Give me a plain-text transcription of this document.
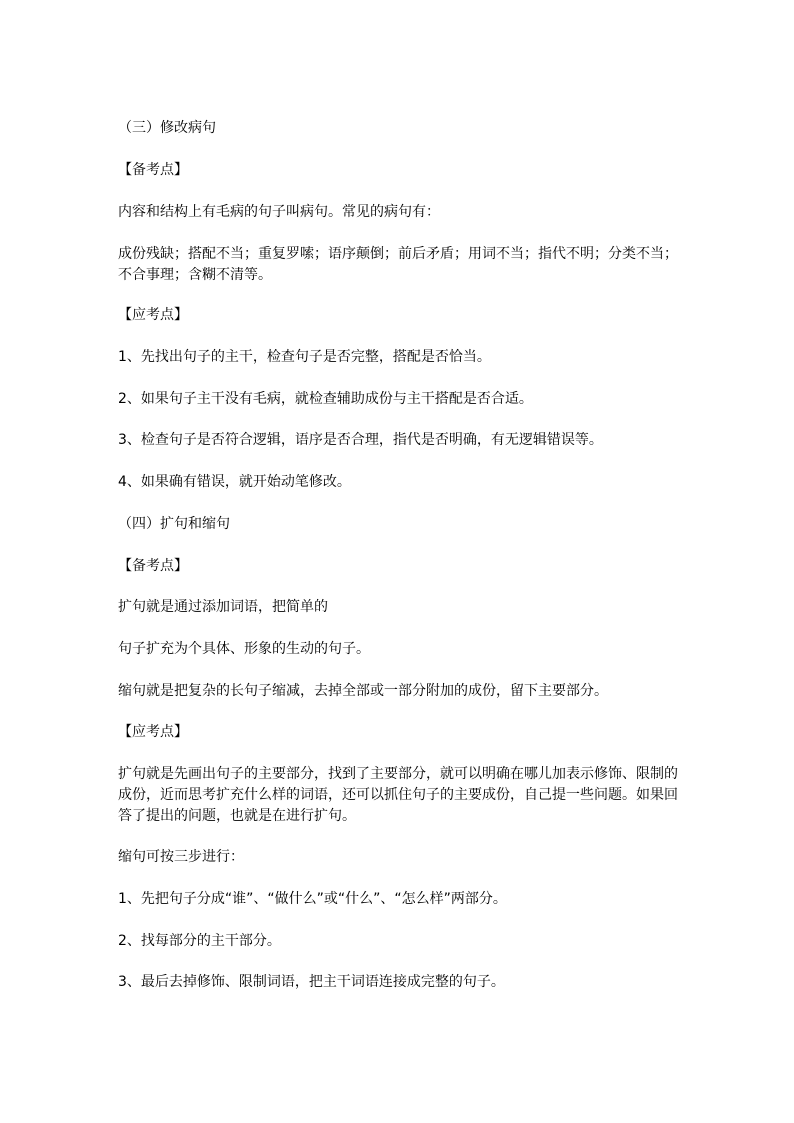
（三）修改病句
【备考点】
内容和结构上有毛病的句子叫病句。常见的病句有：
成份残缺；搭配不当；重复罗嗦；语序颠倒；前后矛盾；用词不当；指代不明；分类不当；
不合事理；含糊不清等。
【应考点】
1、先找出句子的主干，检查句子是否完整，搭配是否恰当。
2、如果句子主干没有毛病，就检查辅助成份与主干搭配是否合适。
3、检查句子是否符合逻辑，语序是否合理，指代是否明确，有无逻辑错误等。
4、如果确有错误，就开始动笔修改。
（四）扩句和缩句
【备考点】
扩句就是通过添加词语，把简单的
句子扩充为个具体、形象的生动的句子。
缩句就是把复杂的长句子缩减，去掉全部或一部分附加的成份，留下主要部分。
【应考点】
扩句就是先画出句子的主要部分，找到了主要部分，就可以明确在哪儿加表示修饰、限制的
成份，近而思考扩充什么样的词语，还可以抓住句子的主要成份，自己提一些问题。如果回
答了提出的问题，也就是在进行扩句。
缩句可按三步进行：
1、先把句子分成“谁”、“做什么”或“什么”、“怎么样”两部分。
2、找每部分的主干部分。
3、最后去掉修饰、限制词语，把主干词语连接成完整的句子。
